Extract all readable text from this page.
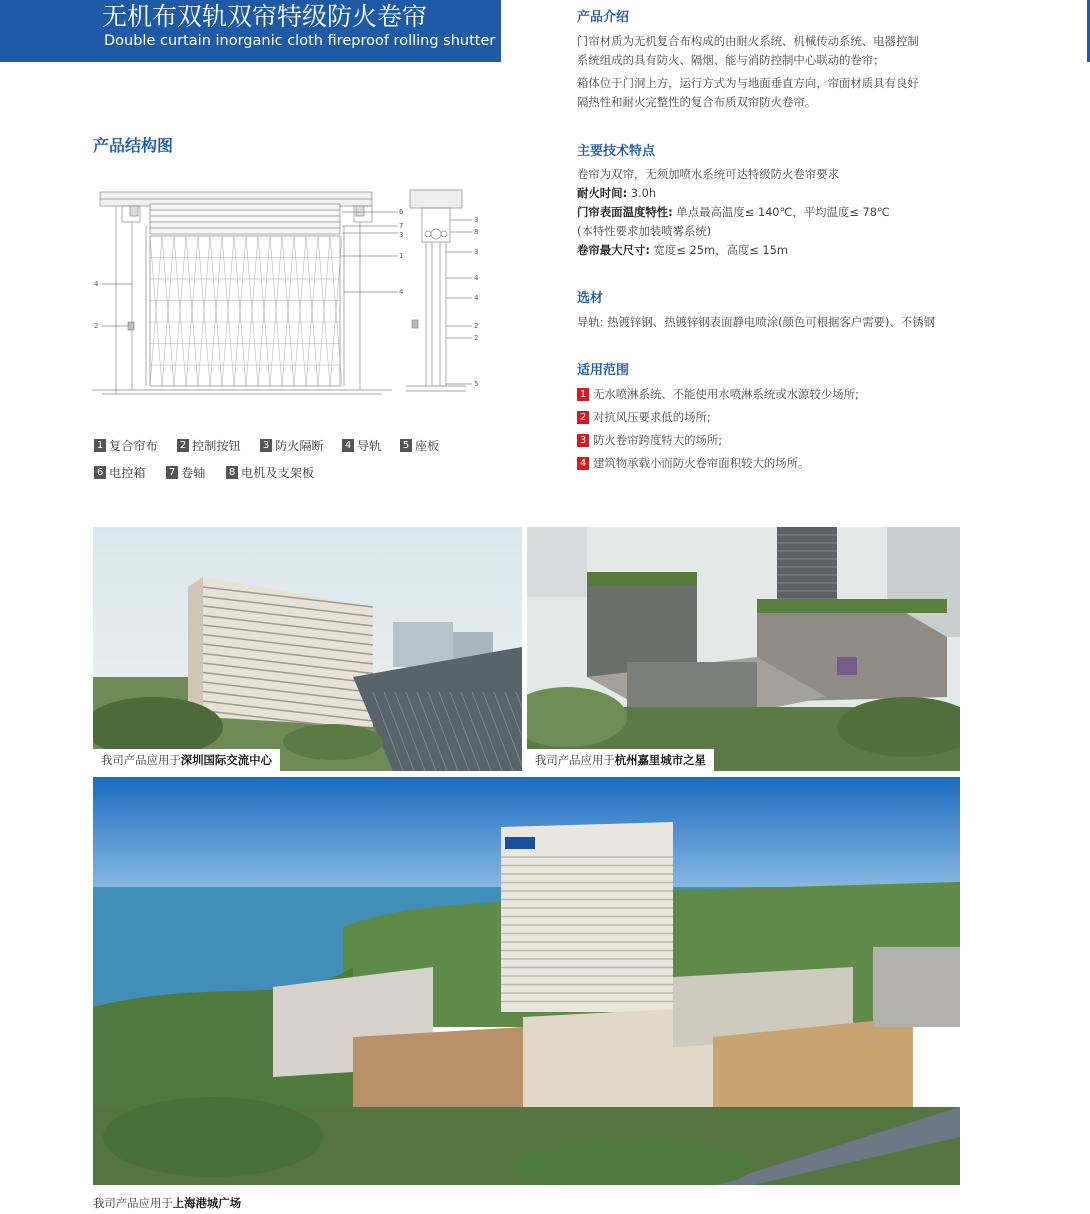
无机布双轨双帘特级防火卷帘
Double curtain inorganic cloth fireproof rolling shutter
产品结构图
4
2
6
7
3
1
4
3
8
3
4
4
2
2
5
1 复合帘布 2 控制按钮 3 防火隔断 4 导轨 5 座板
6 电控箱 7 卷轴 8 电机及支架板
产品介绍
门帘材质为无机复合布构成的由耐火系统、机械传动系统、电器控制
系统组成的具有防火、隔烟、能与消防控制中心联动的卷帘；
箱体位于门洞上方，运行方式为与地面垂直方向，帘面材质具有良好
隔热性和耐火完整性的复合布质双帘防火卷帘。
主要技术特点
卷帘为双帘，无须加喷水系统可达特级防火卷帘要求
耐火时间: 3.0h
门帘表面温度特性: 单点最高温度≤ 140℃，平均温度≤ 78℃
(本特性要求加装喷雾系统)
卷帘最大尺寸: 宽度≤ 25m，高度≤ 15m
选材
导轨: 热镀锌钢、热镀锌钢表面静电喷涂(颜色可根据客户需要)、不锈钢
适用范围
1 无水喷淋系统、不能使用水喷淋系统或水源较少场所;
2 对抗风压要求低的场所;
3 防火卷帘跨度特大的场所;
4 建筑物承载小而防火卷帘面积较大的场所。
我司产品应用于深圳国际交流中心	我司产品应用于杭州嘉里城市之星
我司产品应用于上海港城广场
